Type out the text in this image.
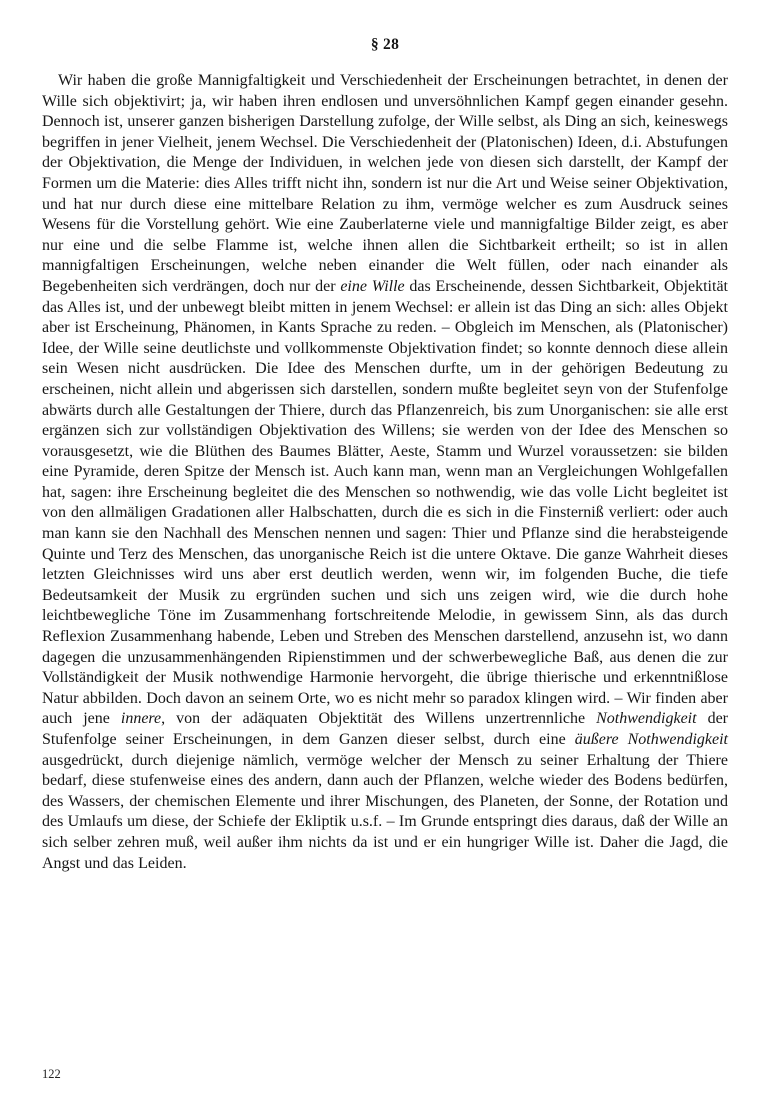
§ 28

Wir haben die große Mannigfaltigkeit und Verschiedenheit der Erscheinungen betrachtet, in denen der Wille sich objektivirt; ja, wir haben ihren endlosen und unversöhnlichen Kampf gegen einander gesehn. Dennoch ist, unserer ganzen bisherigen Darstellung zufolge, der Wille selbst, als Ding an sich, keineswegs begriffen in jener Vielheit, jenem Wechsel. Die Verschiedenheit der (Platonischen) Ideen, d.i. Abstufungen der Objektivation, die Menge der Individuen, in welchen jede von diesen sich darstellt, der Kampf der Formen um die Materie: dies Alles trifft nicht ihn, sondern ist nur die Art und Weise seiner Objektivation, und hat nur durch diese eine mittelbare Relation zu ihm, vermöge welcher es zum Ausdruck seines Wesens für die Vorstellung gehört. Wie eine Zauberlaterne viele und mannigfaltige Bilder zeigt, es aber nur eine und die selbe Flamme ist, welche ihnen allen die Sichtbarkeit ertheilt; so ist in allen mannigfaltigen Erscheinungen, welche neben einander die Welt füllen, oder nach einander als Begebenheiten sich verdrängen, doch nur der eine Wille das Erscheinende, dessen Sichtbarkeit, Objektität das Alles ist, und der unbewegt bleibt mitten in jenem Wechsel: er allein ist das Ding an sich: alles Objekt aber ist Erscheinung, Phänomen, in Kants Sprache zu reden. – Obgleich im Menschen, als (Platonischer) Idee, der Wille seine deutlichste und vollkommenste Objektivation findet; so konnte dennoch diese allein sein Wesen nicht ausdrücken. Die Idee des Menschen durfte, um in der gehörigen Bedeutung zu erscheinen, nicht allein und abgerissen sich darstellen, sondern mußte begleitet seyn von der Stufenfolge abwärts durch alle Gestaltungen der Thiere, durch das Pflanzenreich, bis zum Unorganischen: sie alle erst ergänzen sich zur vollständigen Objektivation des Willens; sie werden von der Idee des Menschen so vorausgesetzt, wie die Blüthen des Baumes Blätter, Aeste, Stamm und Wurzel voraussetzen: sie bilden eine Pyramide, deren Spitze der Mensch ist. Auch kann man, wenn man an Vergleichungen Wohlgefallen hat, sagen: ihre Erscheinung begleitet die des Menschen so nothwendig, wie das volle Licht begleitet ist von den allmäligen Gradationen aller Halbschatten, durch die es sich in die Finsterniß verliert: oder auch man kann sie den Nachhall des Menschen nennen und sagen: Thier und Pflanze sind die herabsteigende Quinte und Terz des Menschen, das unorganische Reich ist die untere Oktave. Die ganze Wahrheit dieses letzten Gleichnisses wird uns aber erst deutlich werden, wenn wir, im folgenden Buche, die tiefe Bedeutsamkeit der Musik zu ergründen suchen und sich uns zeigen wird, wie die durch hohe leichtbewegliche Töne im Zusammenhang fortschreitende Melodie, in gewissem Sinn, als das durch Reflexion Zusammenhang habende, Leben und Streben des Menschen darstellend, anzusehn ist, wo dann dagegen die unzusammenhängenden Ripienstimmen und der schwerbewegliche Baß, aus denen die zur Vollständigkeit der Musik nothwendige Harmonie hervorgeht, die übrige thierische und erkenntnißlose Natur abbilden. Doch davon an seinem Orte, wo es nicht mehr so paradox klingen wird. – Wir finden aber auch jene innere, von der adäquaten Objektität des Willens unzertrennliche Nothwendigkeit der Stufenfolge seiner Erscheinungen, in dem Ganzen dieser selbst, durch eine äußere Nothwendigkeit ausgedrückt, durch diejenige nämlich, vermöge welcher der Mensch zu seiner Erhaltung der Thiere bedarf, diese stufenweise eines des andern, dann auch der Pflanzen, welche wieder des Bodens bedürfen, des Wassers, der chemischen Elemente und ihrer Mischungen, des Planeten, der Sonne, der Rotation und des Umlaufs um diese, der Schiefe der Ekliptik u.s.f. – Im Grunde entspringt dies daraus, daß der Wille an sich selber zehren muß, weil außer ihm nichts da ist und er ein hungriger Wille ist. Daher die Jagd, die Angst und das Leiden.

122
